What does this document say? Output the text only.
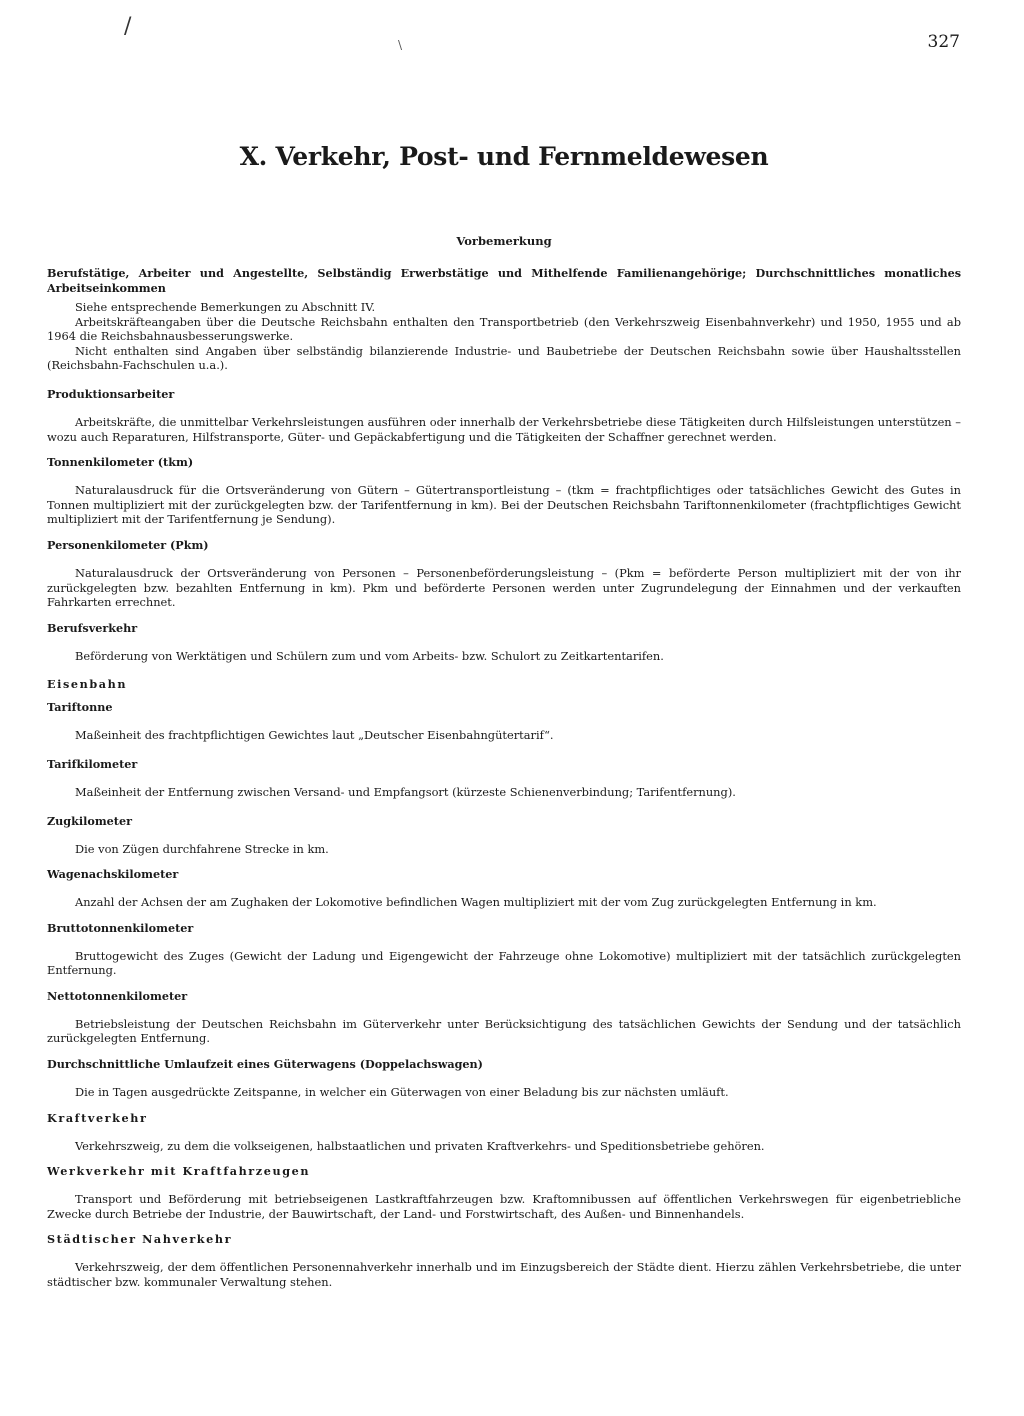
/
\	327
X. Verkehr, Post- und Fernmeldewesen
Vorbemerkung
Berufstätige, Arbeiter und Angestellte, Selbständig Erwerbstätige und Mithelfende Familienangehörige; Durchschnittliches monatliches Arbeitseinkommen

Siehe entsprechende Bemerkungen zu Abschnitt IV.

Arbeitskräfteangaben über die Deutsche Reichsbahn enthalten den Transportbetrieb (den Verkehrszweig Eisenbahnverkehr) und 1950, 1955 und ab 1964 die Reichsbahnausbesserungswerke.

Nicht enthalten sind Angaben über selbständig bilanzierende Industrie- und Baubetriebe der Deutschen Reichsbahn sowie über Haushaltsstellen (Reichsbahn-Fachschulen u.a.).

Produktionsarbeiter

Arbeitskräfte, die unmittelbar Verkehrsleistungen ausführen oder innerhalb der Verkehrsbetriebe diese Tätigkeiten durch Hilfsleistungen unterstützen – wozu auch Reparaturen, Hilfstransporte, Güter- und Gepäckabfertigung und die Tätigkeiten der Schaffner gerechnet werden.

Tonnenkilometer (tkm)

Naturalausdruck für die Ortsveränderung von Gütern – Gütertransportleistung – (tkm = frachtpflichtiges oder tatsächliches Gewicht des Gutes in Tonnen multipliziert mit der zurückgelegten bzw. der Tarifentfernung in km). Bei der Deutschen Reichsbahn Tariftonnenkilometer (frachtpflichtiges Gewicht multipliziert mit der Tarifentfernung je Sendung).

Personenkilometer (Pkm)

Naturalausdruck der Ortsveränderung von Personen – Personenbeförderungsleistung – (Pkm = beförderte Person multipliziert mit der von ihr zurückgelegten bzw. bezahlten Entfernung in km). Pkm und beförderte Personen werden unter Zugrundelegung der Einnahmen und der verkauften Fahrkarten errechnet.

Berufsverkehr

Beförderung von Werktätigen und Schülern zum und vom Arbeits- bzw. Schulort zu Zeitkartentarifen.

Eisenbahn
Tariftonne

Maßeinheit des frachtpflichtigen Gewichtes laut „Deutscher Eisenbahngütertarif“.

Tarifkilometer

Maßeinheit der Entfernung zwischen Versand- und Empfangsort (kürzeste Schienenverbindung; Tarifentfernung).

Zugkilometer

Die von Zügen durchfahrene Strecke in km.

Wagenachskilometer

Anzahl der Achsen der am Zughaken der Lokomotive befindlichen Wagen multipliziert mit der vom Zug zurückgelegten Entfernung in km.

Bruttotonnenkilometer

Bruttogewicht des Zuges (Gewicht der Ladung und Eigengewicht der Fahrzeuge ohne Lokomotive) multipliziert mit der tatsächlich zurückgelegten Entfernung.

Nettotonnenkilometer

Betriebsleistung der Deutschen Reichsbahn im Güterverkehr unter Berücksichtigung des tatsächlichen Gewichts der Sendung und der tatsächlich zurückgelegten Entfernung.

Durchschnittliche Umlaufzeit eines Güterwagens (Doppelachswagen)

Die in Tagen ausgedrückte Zeitspanne, in welcher ein Güterwagen von einer Beladung bis zur nächsten umläuft.

Kraftverkehr

Verkehrszweig, zu dem die volkseigenen, halbstaatlichen und privaten Kraftverkehrs- und Speditionsbetriebe gehören.

Werkverkehr mit Kraftfahrzeugen

Transport und Beförderung mit betriebseigenen Lastkraftfahrzeugen bzw. Kraftomnibussen auf öffentlichen Verkehrswegen für eigenbetriebliche Zwecke durch Betriebe der Industrie, der Bauwirtschaft, der Land- und Forstwirtschaft, des Außen- und Binnenhandels.

Städtischer Nahverkehr

Verkehrszweig, der dem öffentlichen Personennahverkehr innerhalb und im Einzugsbereich der Städte dient. Hierzu zählen Verkehrsbetriebe, die unter städtischer bzw. kommunaler Verwaltung stehen.
